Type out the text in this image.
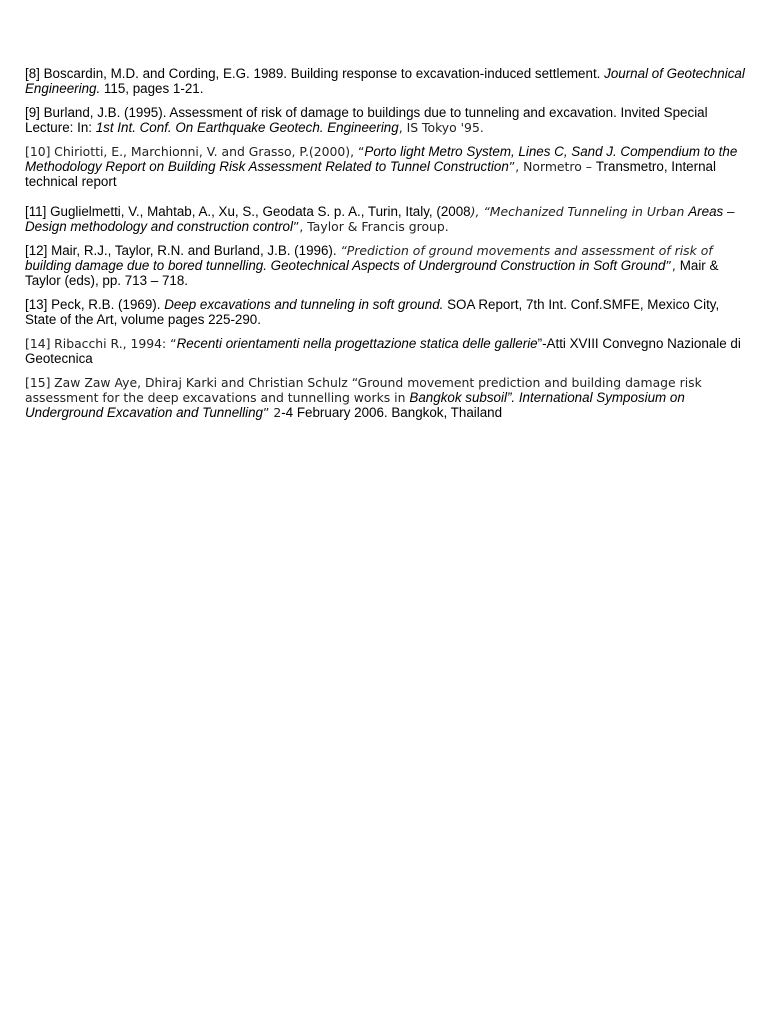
[8] Boscardin, M.D. and Cording, E.G. 1989. Building response to excavation-induced settlement. Journal of Geotechnical Engineering. 115, pages 1-21.

[9] Burland, J.B. (1995). Assessment of risk of damage to buildings due to tunneling and excavation. Invited Special Lecture: In: 1st Int. Conf. On Earthquake Geotech. Engineering, IS Tokyo '95.

[10] Chiriotti, E., Marchionni, V. and Grasso, P.(2000), “Porto light Metro System, Lines C, Sand J. Compendium to the Methodology Report on Building Risk Assessment Related to Tunnel Construction”, Normetro – Transmetro, Internal technical report

[11] Guglielmetti, V., Mahtab, A., Xu, S., Geodata S. p. A., Turin, Italy, (2008), “Mechanized Tunneling in Urban Areas – Design methodology and construction control”, Taylor & Francis group.

[12] Mair, R.J., Taylor, R.N. and Burland, J.B. (1996). “Prediction of ground movements and assessment of risk of building damage due to bored tunnelling. Geotechnical Aspects of Underground Construction in Soft Ground”, Mair & Taylor (eds), pp. 713 – 718.

[13] Peck, R.B. (1969). Deep excavations and tunneling in soft ground. SOA Report, 7th Int. Conf.SMFE, Mexico City, State of the Art, volume pages 225-290.

[14] Ribacchi R., 1994: “Recenti orientamenti nella progettazione statica delle gallerie”-Atti XVIII Convegno Nazionale di Geotecnica

[15] Zaw Zaw Aye, Dhiraj Karki and Christian Schulz “Ground movement prediction and building damage risk assessment for the deep excavations and tunnelling works in Bangkok subsoil”. International Symposium on Underground Excavation and Tunnelling” 2-4 February 2006. Bangkok, Thailand
